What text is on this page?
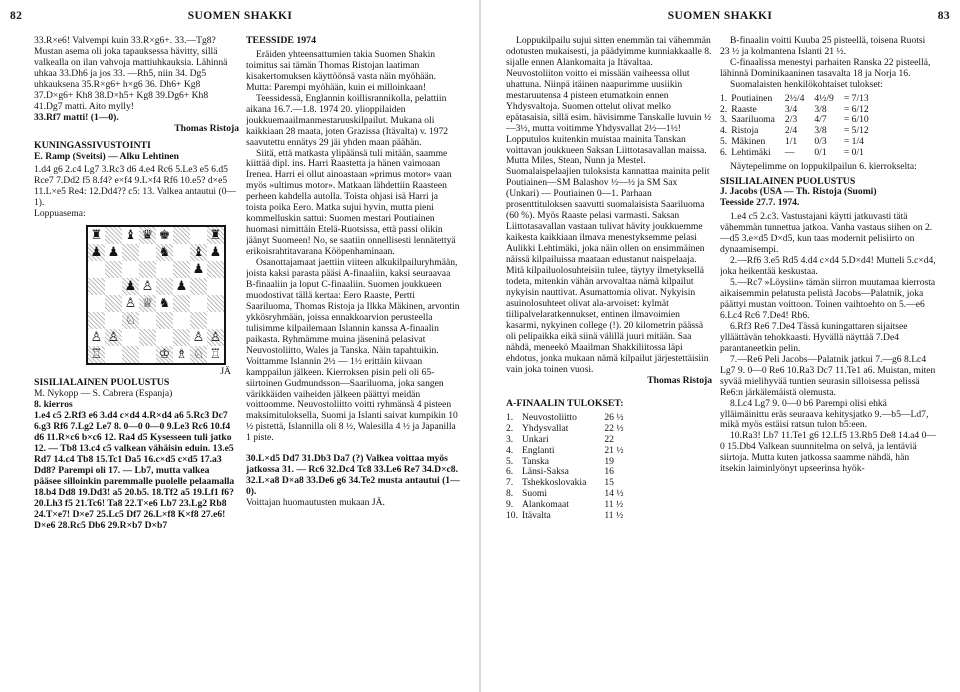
82	SUOMEN SHAKKI

33.R×e6! Valvempi kuin 33.R×g6+. 33.—Tg8? Mustan asema oli joka tapauksessa hävitty, sillä valkealla on ilan vahvoja mattiuhkauksia. Lähinnä uhkaa 33.Dh6 ja jos 33. —Rh5, niin 34. Dg5 uhkauksena 35.R×g6+ h×g6 36. Dh6+ Kg8 37.D×g6+ Kh8 38.D×h5+ Kg8 39.Dg6+ Kh8 41.Dg7 matti. Aito mylly!

33.Rf7 matti! (1—0).

Thomas Ristoja

KUNINGASSIVUSTOINTI

E. Ramp (Sveitsi) — Alku Lehtinen

1.d4 g6 2.c4 Lg7 3.Rc3 d6 4.e4 Rc6 5.Le3 e5 6.d5 Rce7 7.Dd2 f5 8.f4? e×f4 9.L×f4 Rf6 10.e5? d×e5 11.L×e5 Re4: 12.Dd4?? c5: 13. Valkea antautui (0—1).

Loppuasema:

♜ ♝ ♛ ♚	♜
♟ ♟	♞ ♝ ♟
♟
♟ ♙ ♟
♙ ♕ ♞
♘
♙ ♙	♙ ♙
♖	♔ ♗ ♘ ♖

JÄ

SISILIALAINEN PUOLUSTUS

M. Nykopp — S. Cabrera (Espanja)

8. kierros

1.e4 c5 2.Rf3 e6 3.d4 c×d4 4.R×d4 a6 5.Rc3 Dc7 6.g3 Rf6 7.Lg2 Le7 8. 0—0 0—0 9.Le3 Rc6 10.f4 d6 11.R×c6 b×c6 12. Ra4 d5 Kysesseen tuli jatko 12. — Tb8 13.c4 c5 valkean vähäisin eduin. 13.e5 Rd7 14.c4 Tb8 15.Tc1 Da5 16.c×d5 c×d5 17.a3 Dd8? Parempi oli 17. — Lb7, mutta valkea pääsee silloinkin paremmalle puolelle pelaamalla 18.b4 Dd8 19.Dd3! a5 20.b5. 18.Tf2 a5 19.Lf1 f6? 20.Lh3 f5 21.Tc6! Ta8 22.T×e6 Lb7 23.Lg2 Rb8 24.T×e7! D×e7 25.Lc5 Df7 26.L×f8 K×f8 27.e6! D×e6 28.Rc5 Db6 29.R×b7 D×b7

TEESSIDE 1974

Eräiden yhteensattumien takia Suomen Shakin toimitus sai tämän Thomas Ristojan laatiman kisakertomuksen käyttöönsä vasta näin myöhään. Mutta: Parempi myöhään, kuin ei milloinkaan!

Teessidessä, Englannin koillisrannikolla, pelattiin aikana 16.7.—1.8. 1974 20. ylioppilaiden joukkuemaailmanmestaruuskilpailut. Mukana oli kaikkiaan 28 maata, joten Grazissa (Itävalta) v. 1972 saavutettu ennätys 29 jäi yhden maan päähän.

Siitä, että matkasta ylipäänsä tuli mitään, saamme kiittää dipl. ins. Harri Raastetta ja hänen vaimoaan Irenea. Harri ei ollut ainoastaan »primus motor» vaan myös »ultimus motor». Matkaan lähdettiin Raasteen perheen kahdella autolla. Toista ohjasi isä Harri ja toista poika Eero. Matka sujui hyvin, mutta pieni kommelluskin sattui: Suomen mestari Poutiainen huomasi nimittäin Etelä-Ruotsissa, että passi olikin jäänyt Suomeen! No, se saatiin onnellisesti lennätettyä erikoisrahtitavarana Kööpenhaminaan.

Osanottajamaat jaettiin viiteen alkukilpailuryhmään, joista kaksi parasta pääsi A-finaaliin, kaksi seuraavaa B-finaaliin ja loput C-finaaliin. Suomen joukkueen muodostivat tällä kertaa: Eero Raaste, Pertti Saariluoma, Thomas Ristoja ja Ilkka Mäkinen, arvontin ykkösryhmään, joissa ennakkoarvion perusteella tulisimme kilpailemaan Islannin kanssa A-finaalin paikasta. Ryhmämme muina jäseninä pelasivat Neuvostoliitto, Wales ja Tanska. Näin tapahtuikin. Voittamme Islannin 2½ — 1½ erittäin kiivaan kamppailun jälkeen. Kierroksen pisin peli oli 65-siirtoinen Gudmundsson—Saariluoma, joka sangen värikkäiden vaiheiden jälkeen päättyi meidän voittoomme. Neuvostoliitto voitti ryhmänsä 4 pisteen maksimituloksella, Suomi ja Islanti saivat kumpikin 10 ½ pistettä, Islannilla oli 8 ½, Walesilla 4 ½ ja Japanilla 1 piste.

30.L×d5 Dd7 31.Db3 Da7 (?) Valkea voittaa myös jatkossa 31. — Rc6 32.Dc4 Tc8 33.Le6 Re7 34.D×c8. 32.L×a8 D×a8 33.De6 g6 34.Te2 musta antautui (1—0).

Voittajan huomautusten mukaan JÄ.

SUOMEN SHAKKI	83

Loppukilpailu sujui sitten enemmän tai vähemmän odotusten mukaisesti, ja päädyimme kunniakkaalle 8. sijalle ennen Alankomaita ja Itävaltaa. Neuvostoliiton voitto ei missään vaiheessa ollut uhattuna. Niinpä itäinen naapurimme uusiikin mestaruutensa 4 pisteen etumatkoin ennen Yhdysvaltoja. Suomen ottelut olivat melko epätasaisia, sillä esim. hävisimme Tanskalle luvuin ½—3½, mutta voitimme Yhdysvallat 2½—1½! Lopputulos kuitenkin muistaa mainita Tanskan voittavan joukkueen Saksan Liittotasavallan maissa. Mutta Miles, Stean, Nunn ja Mestel. Suomalaispelaajien tuloksista kannattaa mainita pelit Poutiainen—SM Balashov ½—½ ja SM Sax (Unkari) — Poutiainen 0—1. Parhaan prosenttituloksen saavutti suomalaisista Saariluoma (60 %). Myös Raaste pelasi varmasti. Saksan Liittotasavallan vastaan tulivat hävity joukkuemme kaikesta kaikkiaan ilmava menestyksemme pelasi Aulikki Lehtimäki, joka näin ollen on ensimmäinen näissä kilpailuissa maataan edustanut naispelaaja. Mitä kilpailuolosuhteisiin tulee, täytyy ilmetyksellä todeta, mitenkin vähän arvovaltaa nämä kilpailut nykyisin nauttivat. Asumattomia olivat. Nykyisin asuinolosuhteet olivat ala-arvoiset: kylmät tiilipalvelaratkennukset, entinen ilmavoimien kasarmi, nykyinen college (!). 20 kilometrin päässä oli pelipaikka eikä siinä välillä juuri mitään. Saa nähdä, meneekö Maailman Shakkiliitossa läpi ehdotus, jonka mukaan nämä kilpailut järjestettäisiin vain joka toinen vuosi.

Thomas Ristoja

A-FINAALIN TULOKSET:

1.	Neuvostoliitto	26 ½
2.	Yhdysvallat	22 ½
3.	Unkari	22
4.	Englanti	21 ½
5.	Tanska	19
6.	Länsi-Saksa	16
7.	Tshekkoslovakia	15
8.	Suomi	14 ½
9.	Alankomaat	11 ½
10.	Itävalta	11 ½

B-finaalin voitti Kuuba 25 pisteellä, toisena Ruotsi 23 ½ ja kolmantena Islanti 21 ½.

C-finaalissa menestyi parhaiten Ranska 22 pisteellä, lähinnä Dominikaaninen tasavalta 18 ja Norja 16.

Suomalaisten henkilökohtaiset tulokset:

1.	Poutiainen	2½/4	4½/9	= 7/13
2.	Raaste	3/4	3/8	= 6/12
3.	Saariluoma	2/3	4/7	= 6/10
4.	Ristoja	2/4	3/8	= 5/12
5.	Mäkinen	1/1	0/3	= 1/4
6.	Lehtimäki	—	0/1	= 0/1

Näytepelimme on loppukilpailun 6. kierrokselta:

SISILIALAINEN PUOLUSTUS

J. Jacobs (USA — Th. Ristoja (Suomi)

Teesside 27.7. 1974.

1.e4 c5 2.c3. Vastustajani käytti jatkuvasti tätä vähemmän tunnettua jatkoa. Vanha vastaus siihen on 2.—d5 3.e×d5 D×d5, kun taas modernit pelisiirto on dynaamisempi.

2.—Rf6 3.e5 Rd5 4.d4 c×d4 5.D×d4! Mutteli 5.c×d4, joka heikentää keskustaa.

5.—Rc7 »Löysiin» tämän siirron muutamaa kierrosta aikaisemmin pelatusta pelistä Jacobs—Palatnik, joka päättyi mustan voittoon. Toinen vaihtoehto on 5.—e6 6.Lc4 Rc6 7.De4! Rb6.

6.Rf3 Re6 7.De4 Tässä kuningattaren sijaitsee ylläättävän tehokkaasti. Hyvällä näyttää 7.De4 parantaneetkin pelin.

7.—Re6 Peli Jacobs—Palatnik jatkui 7.—g6 8.Lc4 Lg7 9. 0—0 Re6 10.Ra3 Dc7 11.Te1 a6. Muistan, miten syvää mielihyvää tuntien seurasin silloisessa pelissä Re6:n järkälemäistä olemusta.

8.Lc4 Lg7 9. 0—0 b6 Parempi olisi ehkä ylläimäinittu eräs seuraava kehitysjatko 9.—b5—Ld7, mikä myös estäisi ratsun tulon b5:een.

10.Ra3! Lb7 11.Te1 g6 12.Lf5 13.Rb5 De8 14.a4 0—0 15.Db4 Valkean suunnitelma on selvä, ja lentäviä siirtoja. Mutta kuten jatkossa saamme nähdä, hän itsekin laiminlyönyt upseerinsa hyök-
